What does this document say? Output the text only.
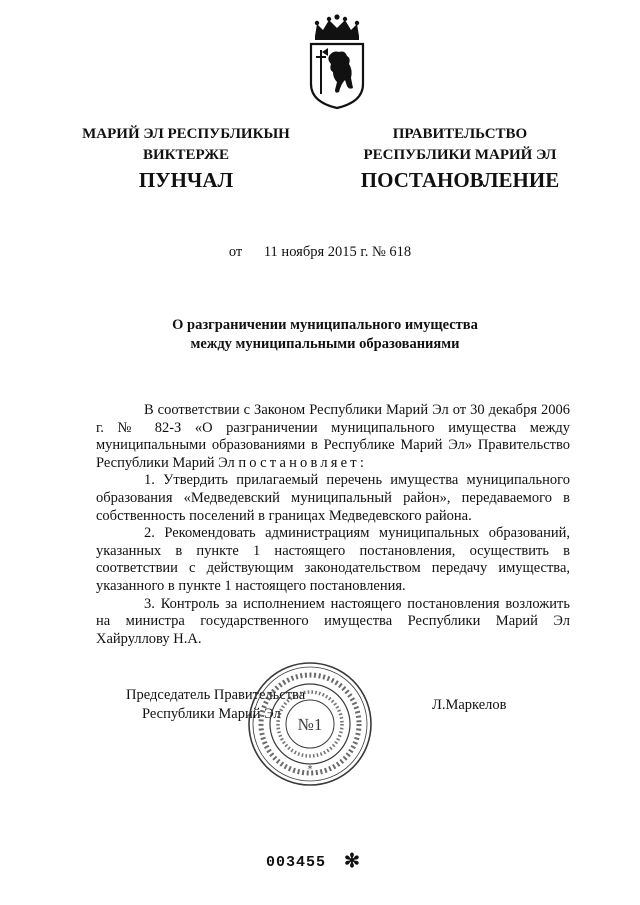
МАРИЙ ЭЛ РЕСПУБЛИКЫН
ВИКТЕРЖЕ
ПРАВИТЕЛЬСТВО
РЕСПУБЛИКИ МАРИЙ ЭЛ
ПУНЧАЛ	ПОСТАНОВЛЕНИЕ
от 11 ноября 2015 г. № 618
О разграничении муниципального имущества
между муниципальными образованиями

В соответствии с Законом Республики Марий Эл от 30 декабря 2006 г. № 82-З «О разграничении муниципального имущества между муниципальными образованиями в Республике Марий Эл» Правительство Республики Марий Эл постановляет:

1. Утвердить прилагаемый перечень имущества муниципального образования «Медведевский муниципальный район», передаваемого в собственность поселений в границах Медведевского района.

2. Рекомендовать администрациям муниципальных образований, указанных в пункте 1 настоящего постановления, осуществить в соответствии с действующим законодательством передачу имущества, указанного в пункте 1 настоящего постановления.

3. Контроль за исполнением настоящего постановления возложить на министра государственного имущества Республики Марий Эл Хайруллову Н.А.

Председатель Правительства
Республики Марий Эл
Л.Маркелов
№1
*
003455 ✻
